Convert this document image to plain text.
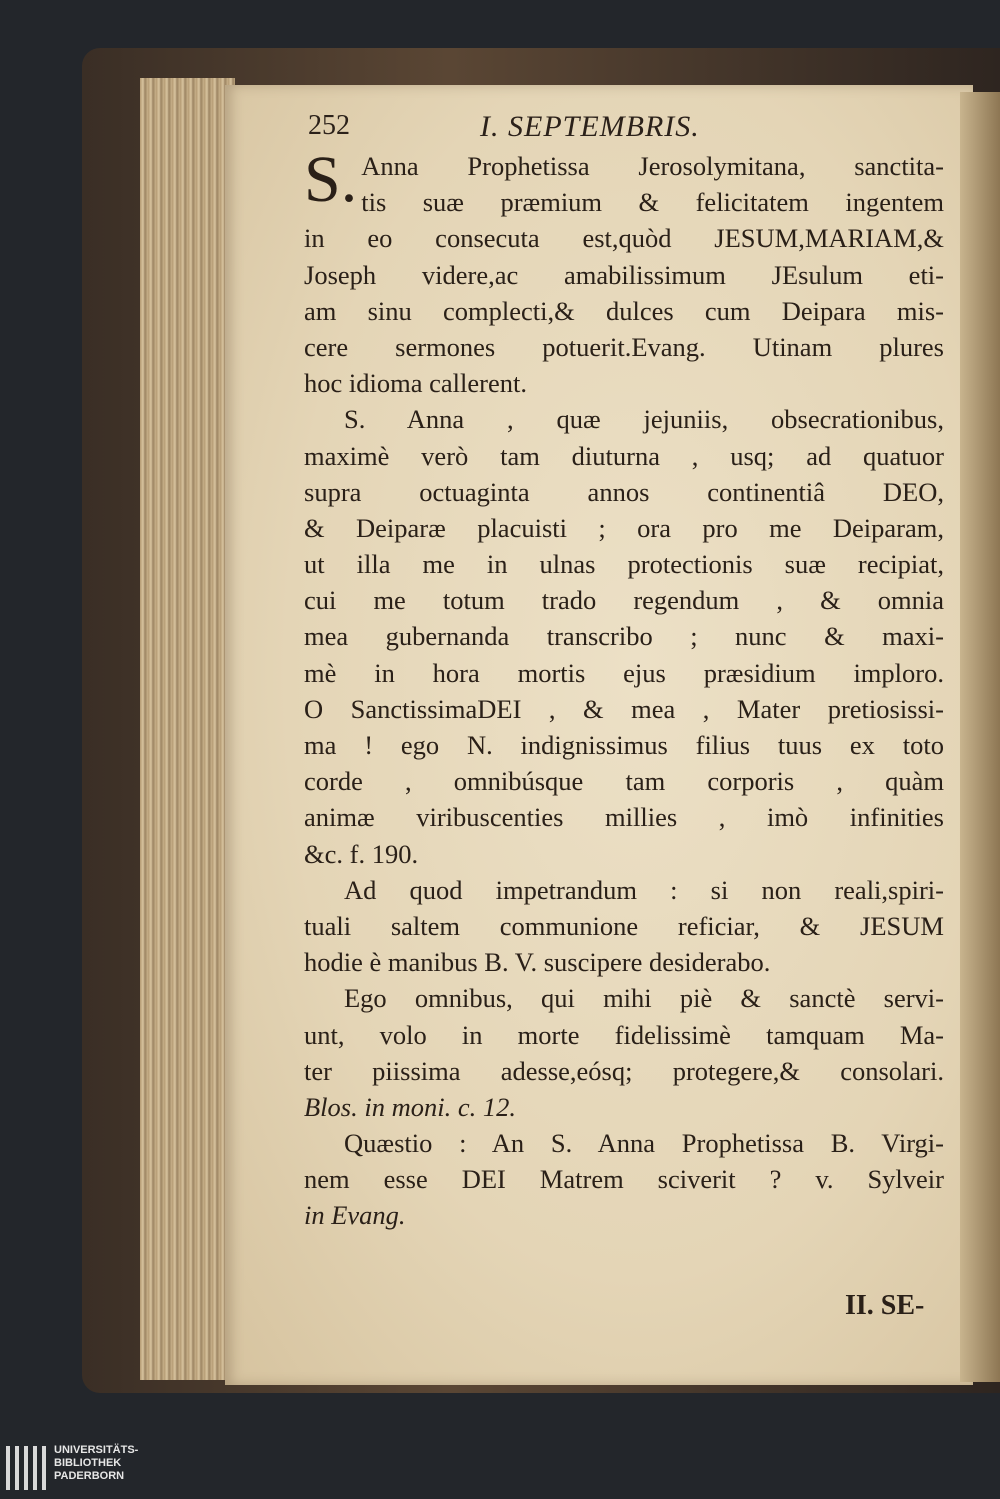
252	I. SEPTEMBRIS.
S. Anna Prophetissa Jerosolymitana, sanctita-
tis suæ præmium & felicitatem ingentem
in eo consecuta est,quòd JESUM,MARIAM,&
Joseph videre,ac amabilissimum JEsulum eti-
am sinu complecti,& dulces cum Deipara mis-
cere sermones potuerit.Evang. Utinam plures
hoc idioma callerent.
S. Anna , quæ jejuniis, obsecrationibus,
maximè verò tam diuturna , usq; ad quatuor
supra octuaginta annos continentiâ DEO,
& Deiparæ placuisti ; ora pro me Deiparam,
ut illa me in ulnas protectionis suæ recipiat,
cui me totum trado regendum , & omnia
mea gubernanda transcribo ; nunc & maxi-
mè in hora mortis ejus præsidium imploro.
O SanctissimaDEI , & mea , Mater pretiosissi-
ma ! ego N. indignissimus filius tuus ex toto
corde , omnibúsque tam corporis , quàm
animæ viribuscenties millies , imò infinities
&c. f. 190.
Ad quod impetrandum : si non reali,spiri-
tuali saltem communione reficiar, & JESUM
hodie è manibus B. V. suscipere desiderabo.
Ego omnibus, qui mihi piè & sanctè servi-
unt, volo in morte fidelissimè tamquam Ma-
ter piissima adesse,eósq; protegere,& consolari.
Blos. in moni. c. 12.
Quæstio : An S. Anna Prophetissa B. Virgi-
nem esse DEI Matrem sciverit ? v. Sylveir
in Evang.
II. SE-
UNIVERSITÄTS-
BIBLIOTHEK
PADERBORN
